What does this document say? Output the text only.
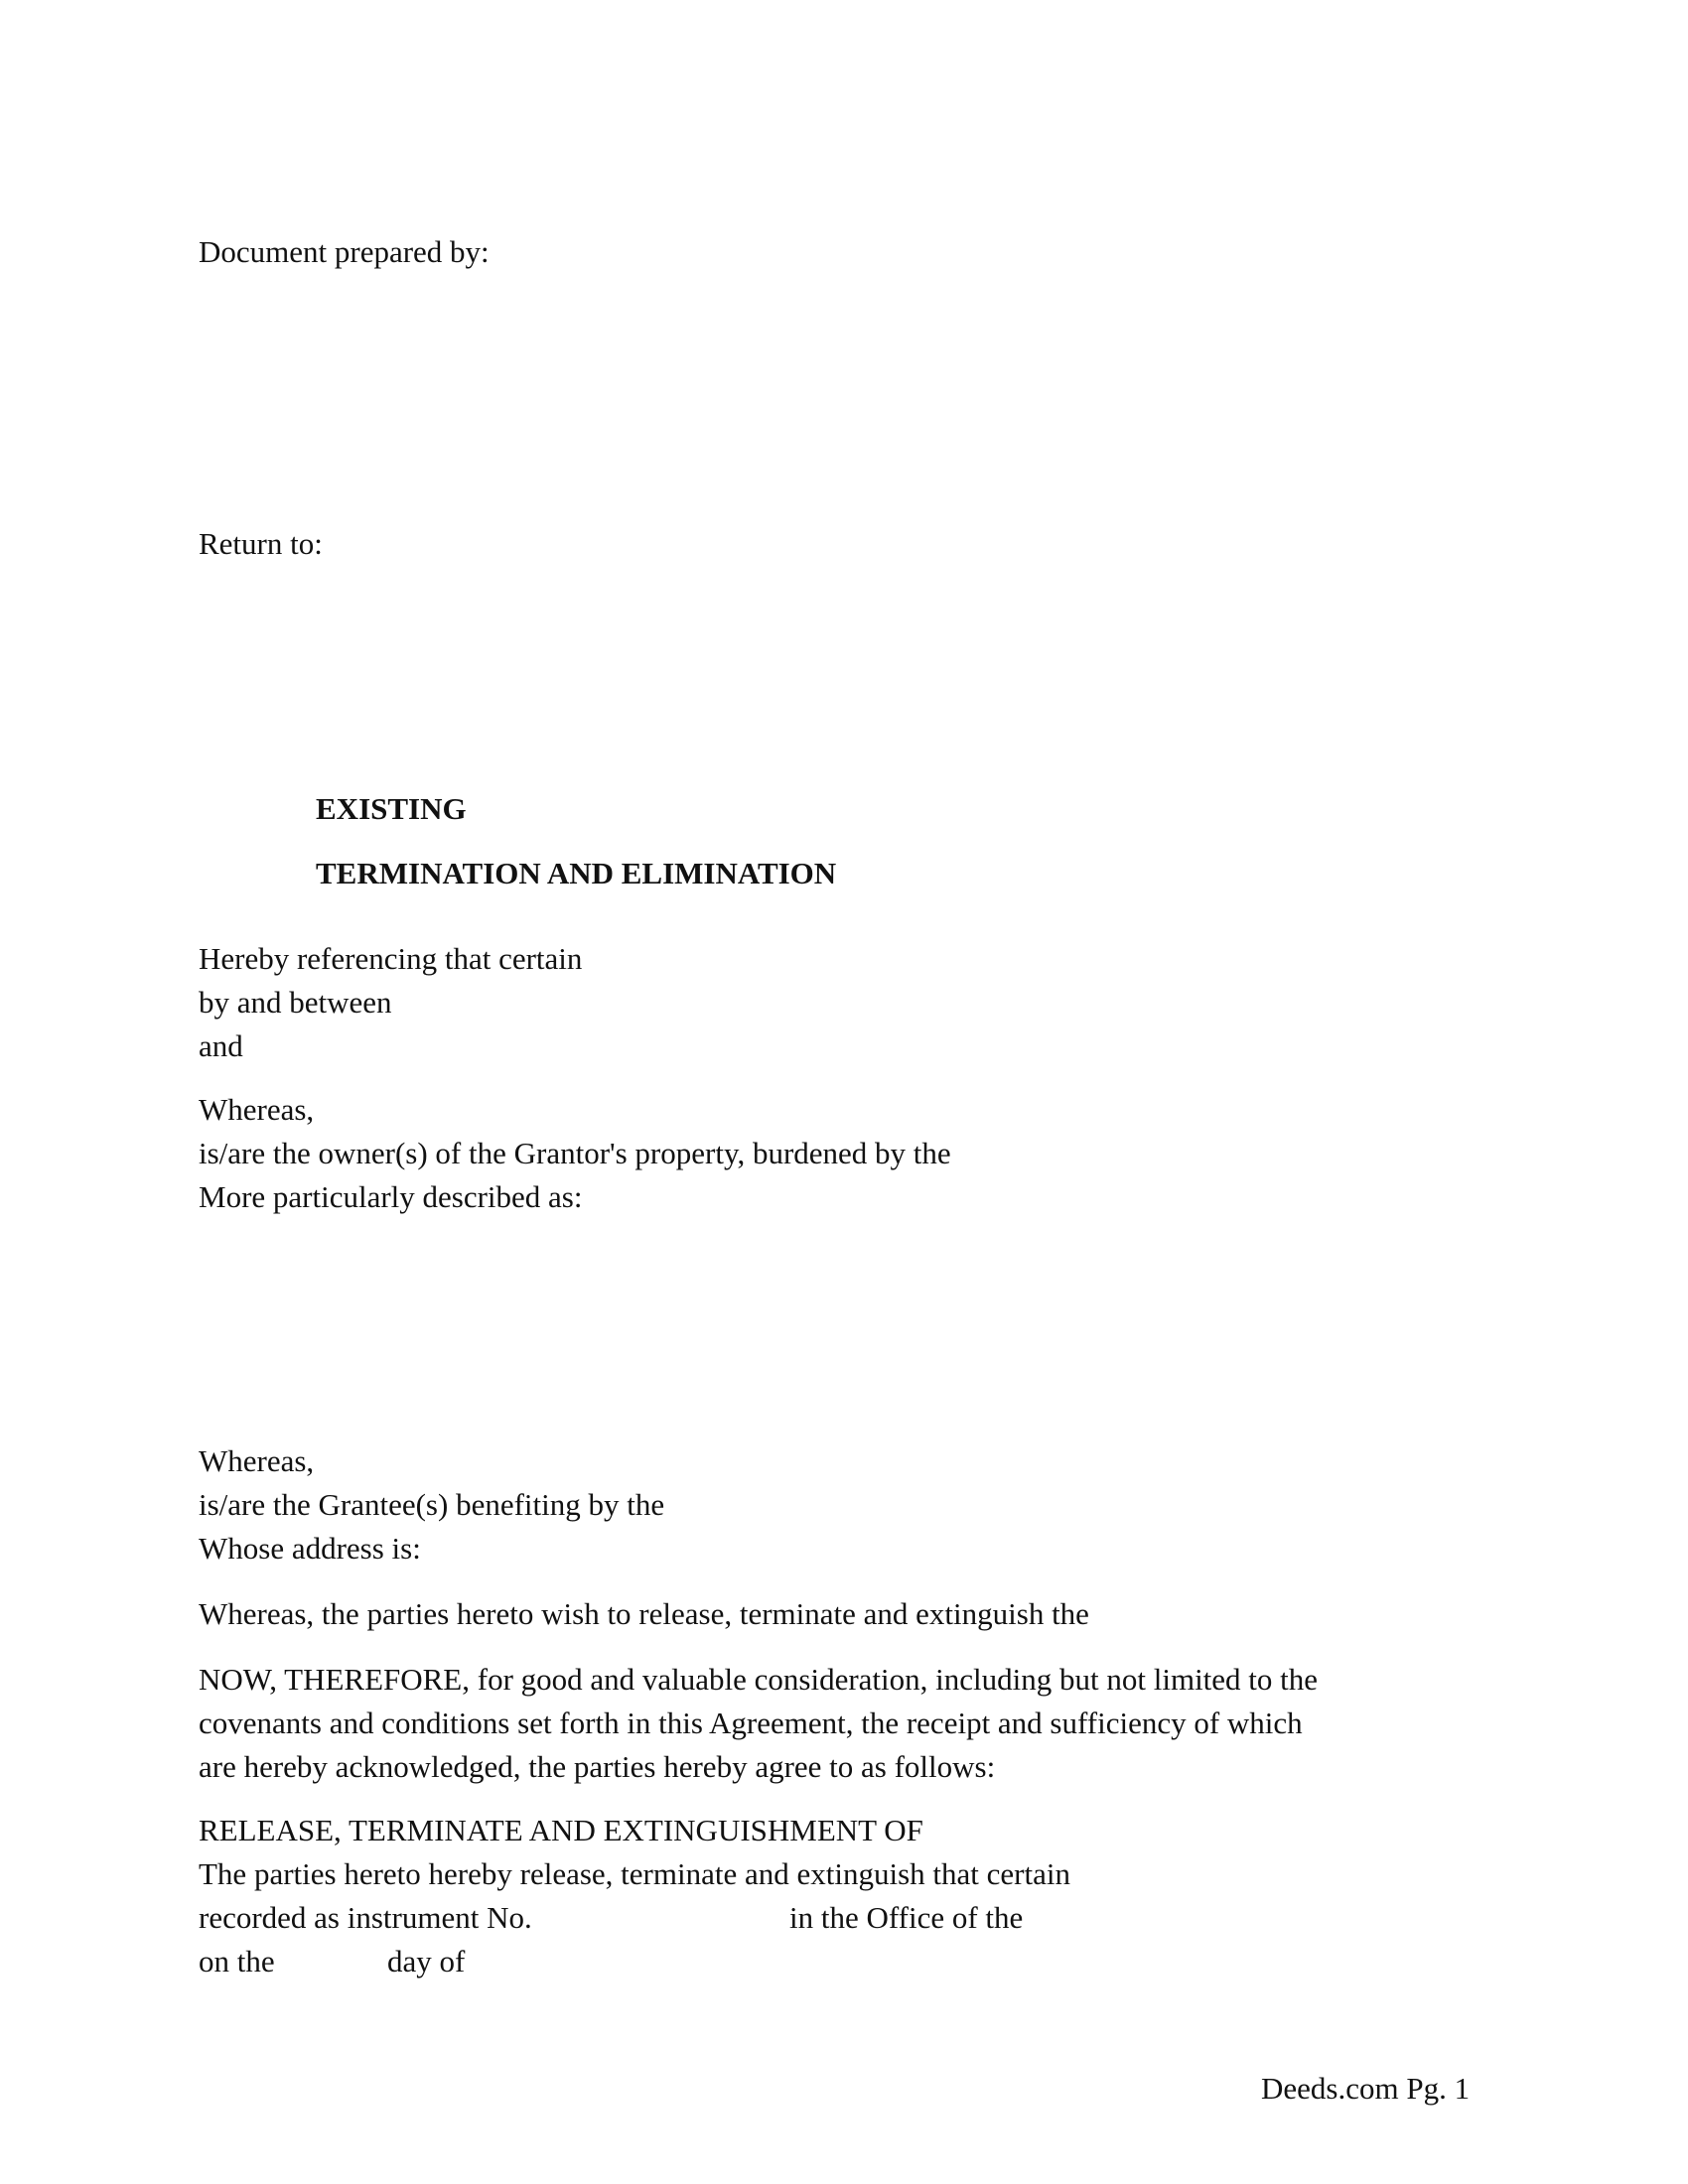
Document prepared by:
Return to:
EXISTING
TERMINATION AND ELIMINATION
Hereby referencing that certain
by and between
and
Whereas,
is/are the owner(s) of the Grantor's property, burdened by the
More particularly described as:
Whereas,
is/are the Grantee(s) benefiting by the
Whose address is:
Whereas, the parties hereto wish to release, terminate and extinguish the
NOW, THEREFORE, for good and valuable consideration, including but not limited to the
covenants and conditions set forth in this Agreement, the receipt and sufficiency of which
are hereby acknowledged, the parties hereby agree to as follows:
RELEASE, TERMINATE AND EXTINGUISHMENT OF
The parties hereto hereby release, terminate and extinguish that certain
recorded as instrument No.	in the Office of the
on the	day of
Deeds.com Pg. 1
